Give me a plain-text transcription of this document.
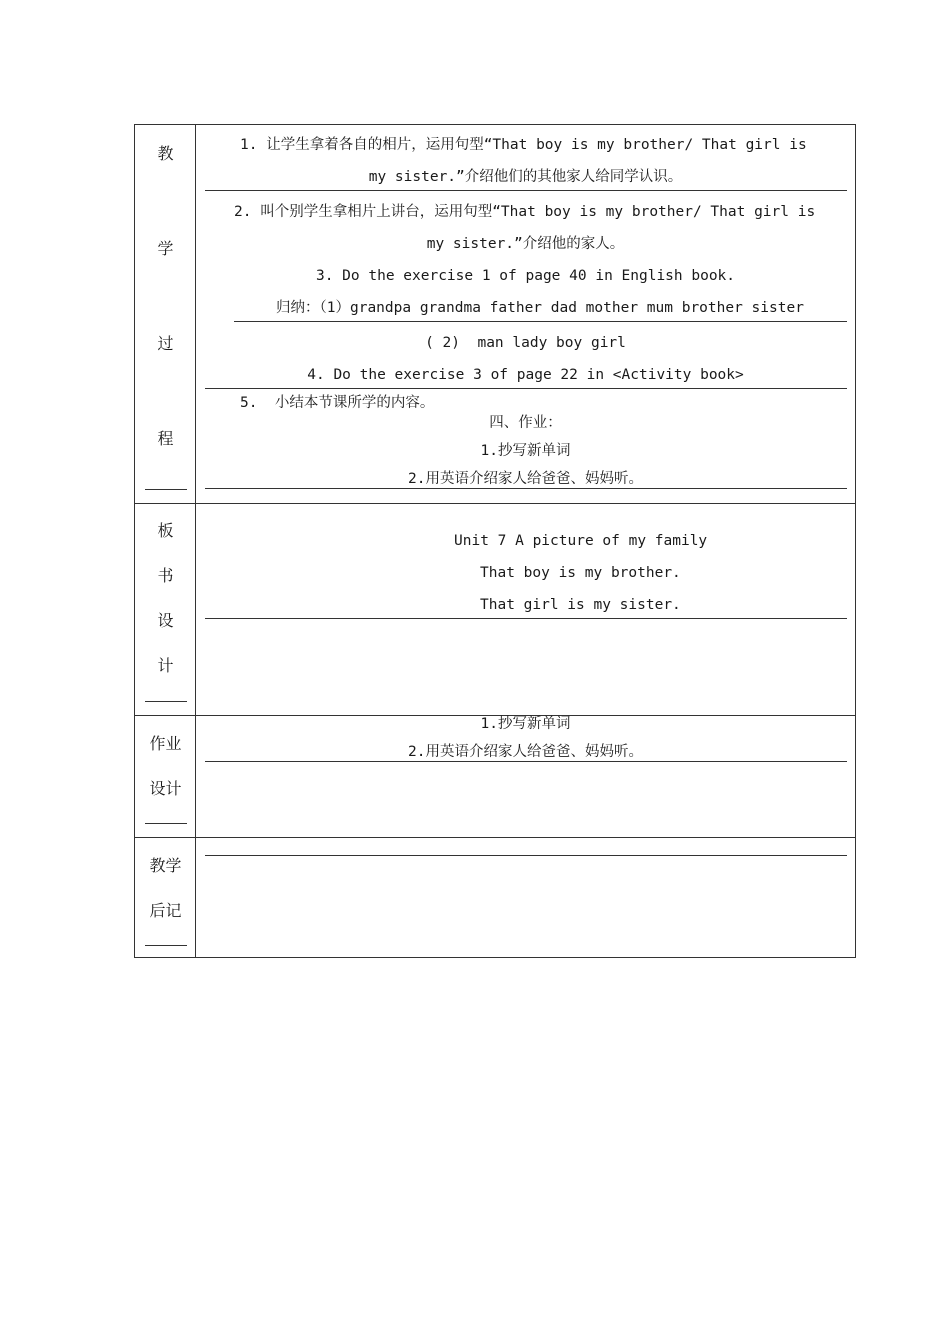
教
学
过
程
1. 让学生拿着各自的相片，运用句型“That boy is my brother/ That girl is
my sister.”介绍他们的其他家人给同学认识。
2. 叫个别学生拿相片上讲台，运用句型“That boy is my brother/ That girl is
my sister.”介绍他的家人。
3. Do the exercise 1 of page 40 in English book.
归纳：（1）grandpa grandma father dad mother mum brother sister
( 2)  man lady boy girl
4. Do the exercise 3 of page 22 in <Activity book>
5.  小结本节课所学的内容。
四、作业：
1.抄写新单词
2.用英语介绍家人给爸爸、妈妈听。
板
书
设
计
Unit 7 A picture of my family
That boy is my brother.
That girl is my sister.
作业
设计
1.抄写新单词
2.用英语介绍家人给爸爸、妈妈听。
教学
后记
